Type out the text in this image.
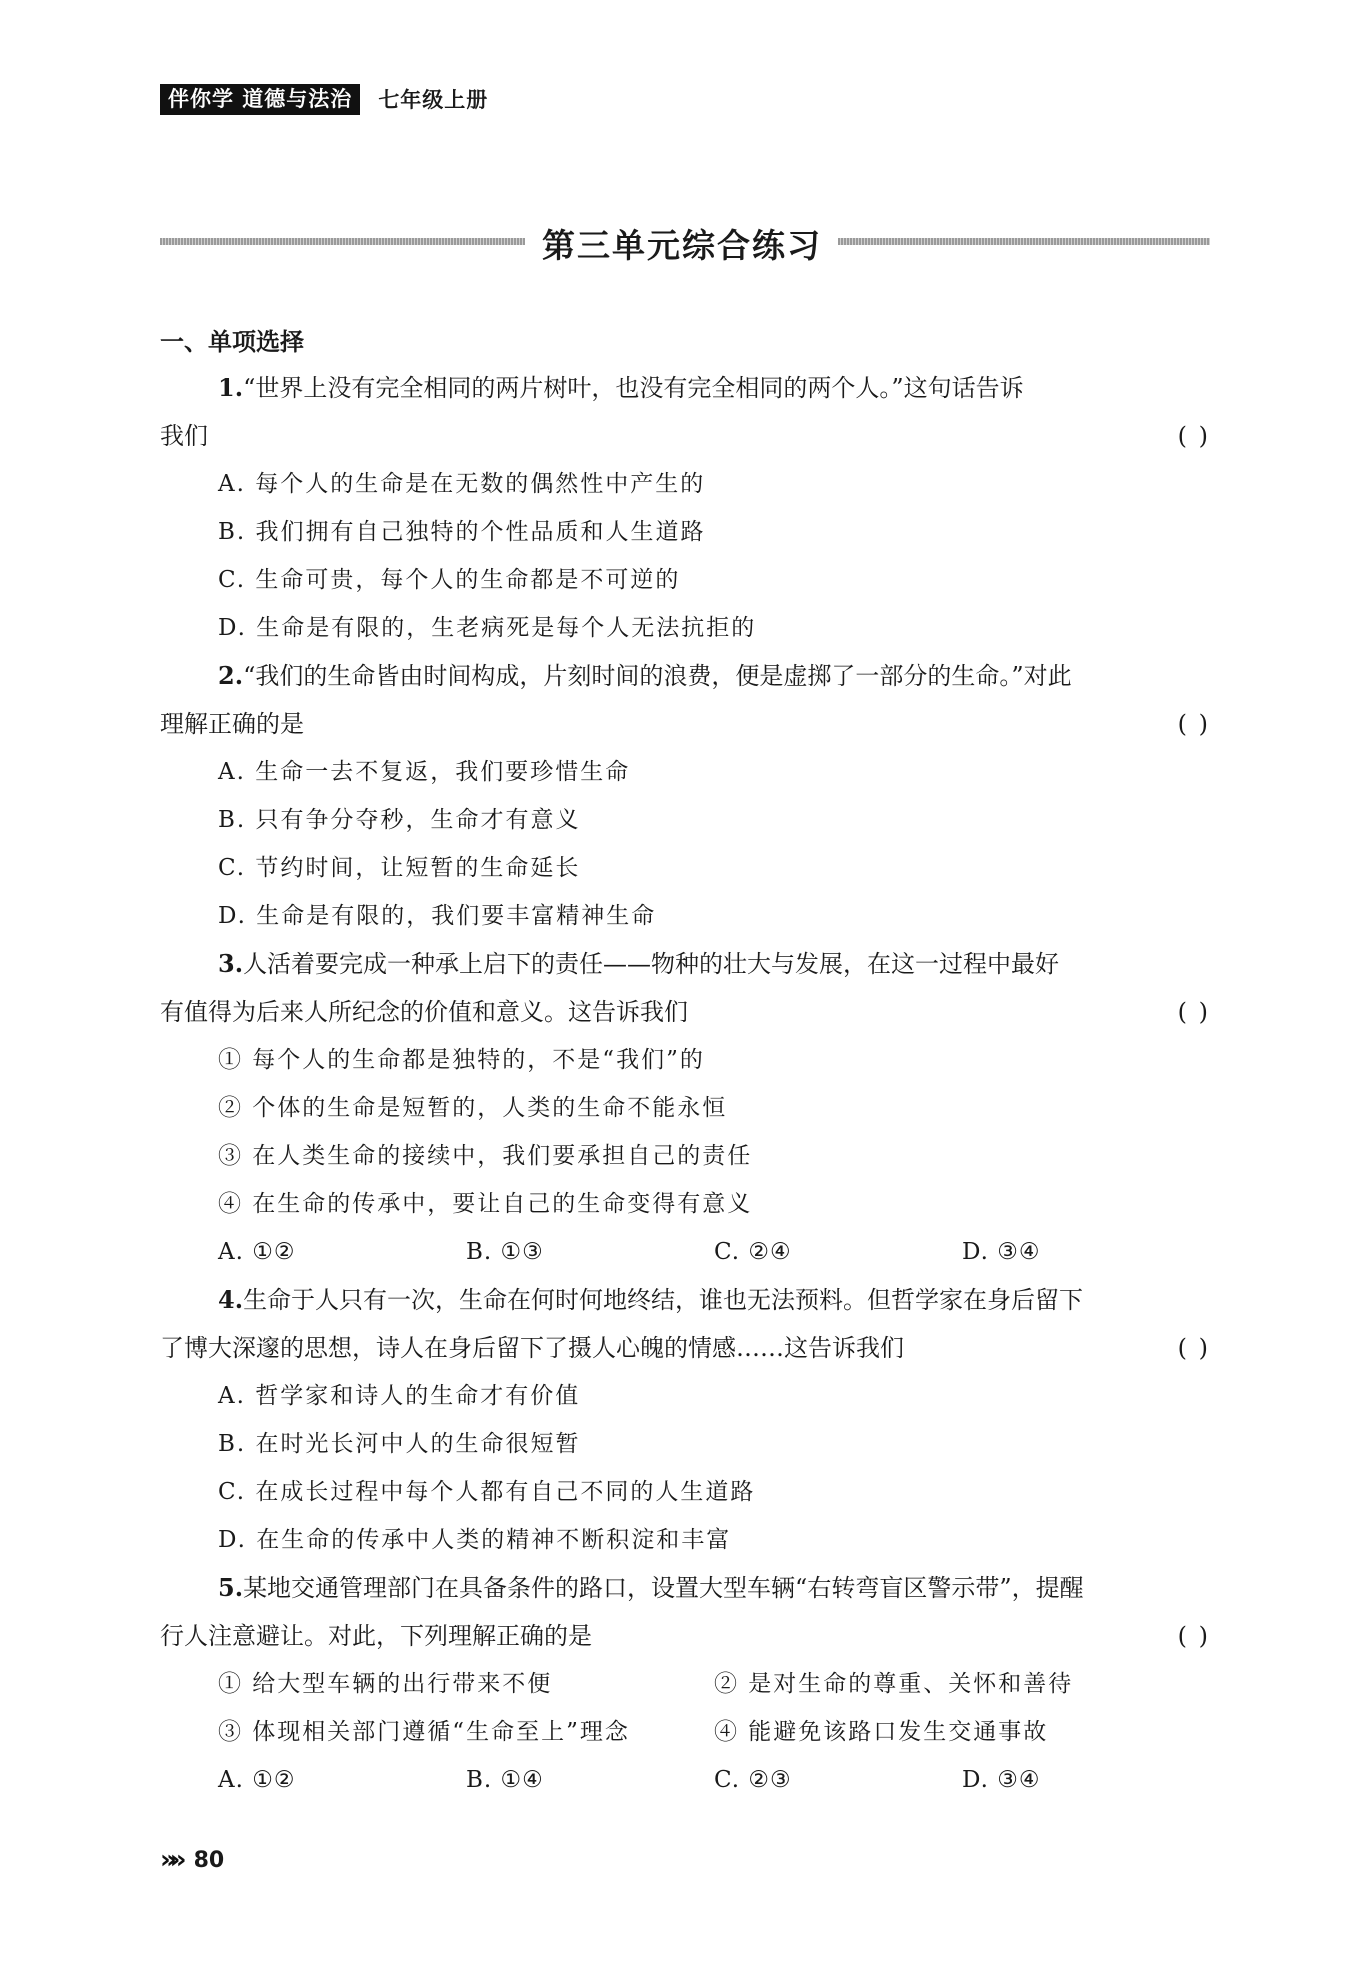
伴你学 道德与法治	七年级上册
第三单元综合练习
一、单项选择
1.“世界上没有完全相同的两片树叶，也没有完全相同的两个人。”这句话告诉
我们	( )
A. 每个人的生命是在无数的偶然性中产生的
B. 我们拥有自己独特的个性品质和人生道路
C. 生命可贵，每个人的生命都是不可逆的
D. 生命是有限的，生老病死是每个人无法抗拒的
2.“我们的生命皆由时间构成，片刻时间的浪费，便是虚掷了一部分的生命。”对此
理解正确的是	( )
A. 生命一去不复返，我们要珍惜生命
B. 只有争分夺秒，生命才有意义
C. 节约时间，让短暂的生命延长
D. 生命是有限的，我们要丰富精神生命
3.人活着要完成一种承上启下的责任——物种的壮大与发展，在这一过程中最好
有值得为后来人所纪念的价值和意义。这告诉我们	( )
① 每个人的生命都是独特的，不是“我们”的
② 个体的生命是短暂的，人类的生命不能永恒
③ 在人类生命的接续中，我们要承担自己的责任
④ 在生命的传承中，要让自己的生命变得有意义
A. ①②	B. ①③	C. ②④	D. ③④
4.生命于人只有一次，生命在何时何地终结，谁也无法预料。但哲学家在身后留下
了博大深邃的思想，诗人在身后留下了摄人心魄的情感……这告诉我们	( )
A. 哲学家和诗人的生命才有价值
B. 在时光长河中人的生命很短暂
C. 在成长过程中每个人都有自己不同的人生道路
D. 在生命的传承中人类的精神不断积淀和丰富
5.某地交通管理部门在具备条件的路口，设置大型车辆“右转弯盲区警示带”，提醒
行人注意避让。对此，下列理解正确的是	( )
① 给大型车辆的出行带来不便	② 是对生命的尊重、关怀和善待
③ 体现相关部门遵循“生命至上”理念	④ 能避免该路口发生交通事故
A. ①②	B. ①④	C. ②③	D. ③④
»» 80
